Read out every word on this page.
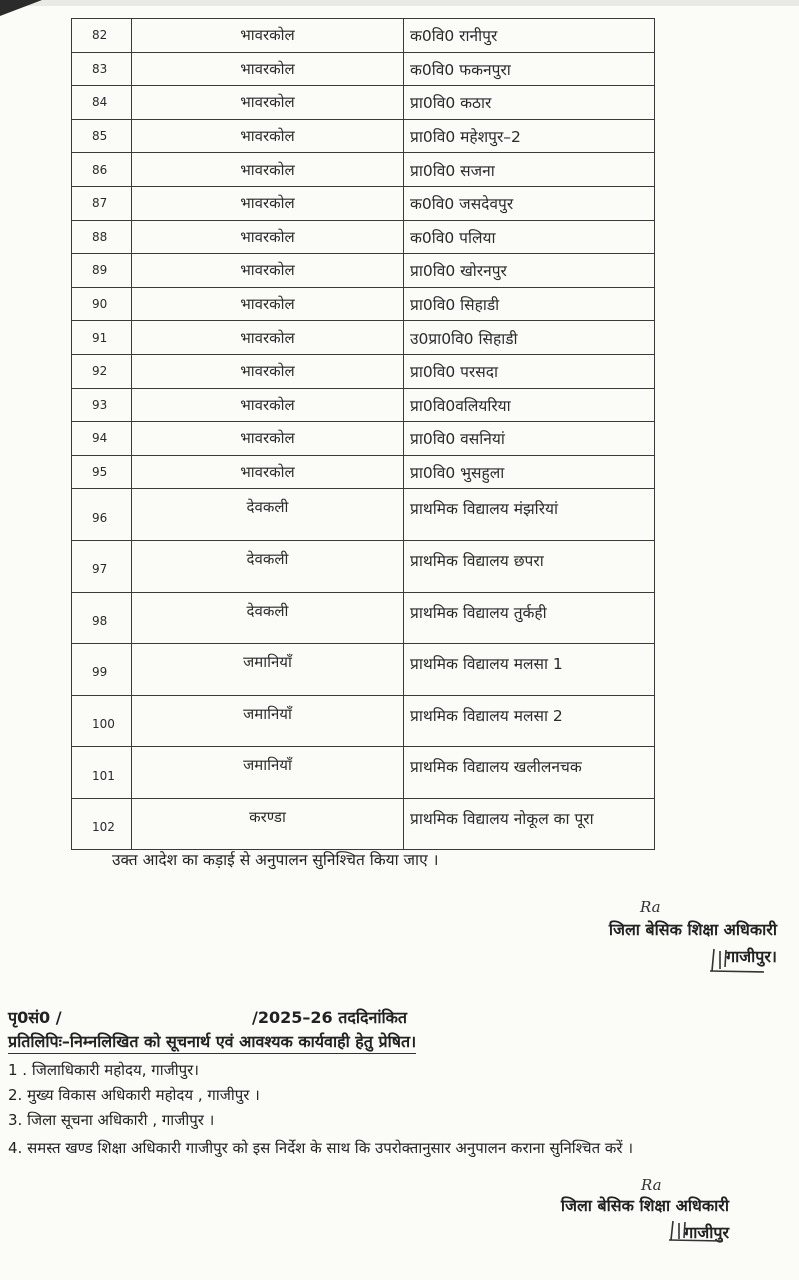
82	भावरकोल	क0वि0 रानीपुर
83	भावरकोल	क0वि0 फकनपुरा
84	भावरकोल	प्रा0वि0 कठार
85	भावरकोल	प्रा0वि0 महेशपुर–2
86	भावरकोल	प्रा0वि0 सजना
87	भावरकोल	क0वि0 जसदेवपुर
88	भावरकोल	क0वि0 पलिया
89	भावरकोल	प्रा0वि0 खोरनपुर
90	भावरकोल	प्रा0वि0 सिहाडी
91	भावरकोल	उ0प्रा0वि0 सिहाडी
92	भावरकोल	प्रा0वि0 परसदा
93	भावरकोल	प्रा0वि0वलियरिया
94	भावरकोल	प्रा0वि0 वसनियां
95	भावरकोल	प्रा0वि0 भुसहुला
96	देवकली	प्राथमिक विद्यालय मंझरियां
97	देवकली	प्राथमिक विद्यालय छपरा
98	देवकली	प्राथमिक विद्यालय तुर्कही
99	जमानियाँ	प्राथमिक विद्यालय मलसा 1
100	जमानियाँ	प्राथमिक विद्यालय मलसा 2
101	जमानियाँ	प्राथमिक विद्यालय खलीलनचक
102	करण्डा	प्राथमिक विद्यालय नोकूल का पूरा
उक्त आदेश का कड़ाई से अनुपालन सुनिश्चित किया जाए ।
Ra
जिला बेसिक शिक्षा अधिकारी
गाजीपुर।
पृ0सं0 /	/2025–26 तददिनांकित
प्रतिलिपिः–निम्नलिखित को सूचनार्थ एवं आवश्यक कार्यवाही हेतु प्रेषित।
1 . जिलाधिकारी महोदय, गाजीपुर।
2. मुख्य विकास अधिकारी महोदय , गाजीपुर ।
3. जिला सूचना अधिकारी , गाजीपुर ।
4. समस्त खण्ड शिक्षा अधिकारी गाजीपुर को इस निर्देश के साथ कि उपरोक्तानुसार अनुपालन कराना सुनिश्चित करें ।
Ra
जिला बेसिक शिक्षा अधिकारी
गाजीपुर
